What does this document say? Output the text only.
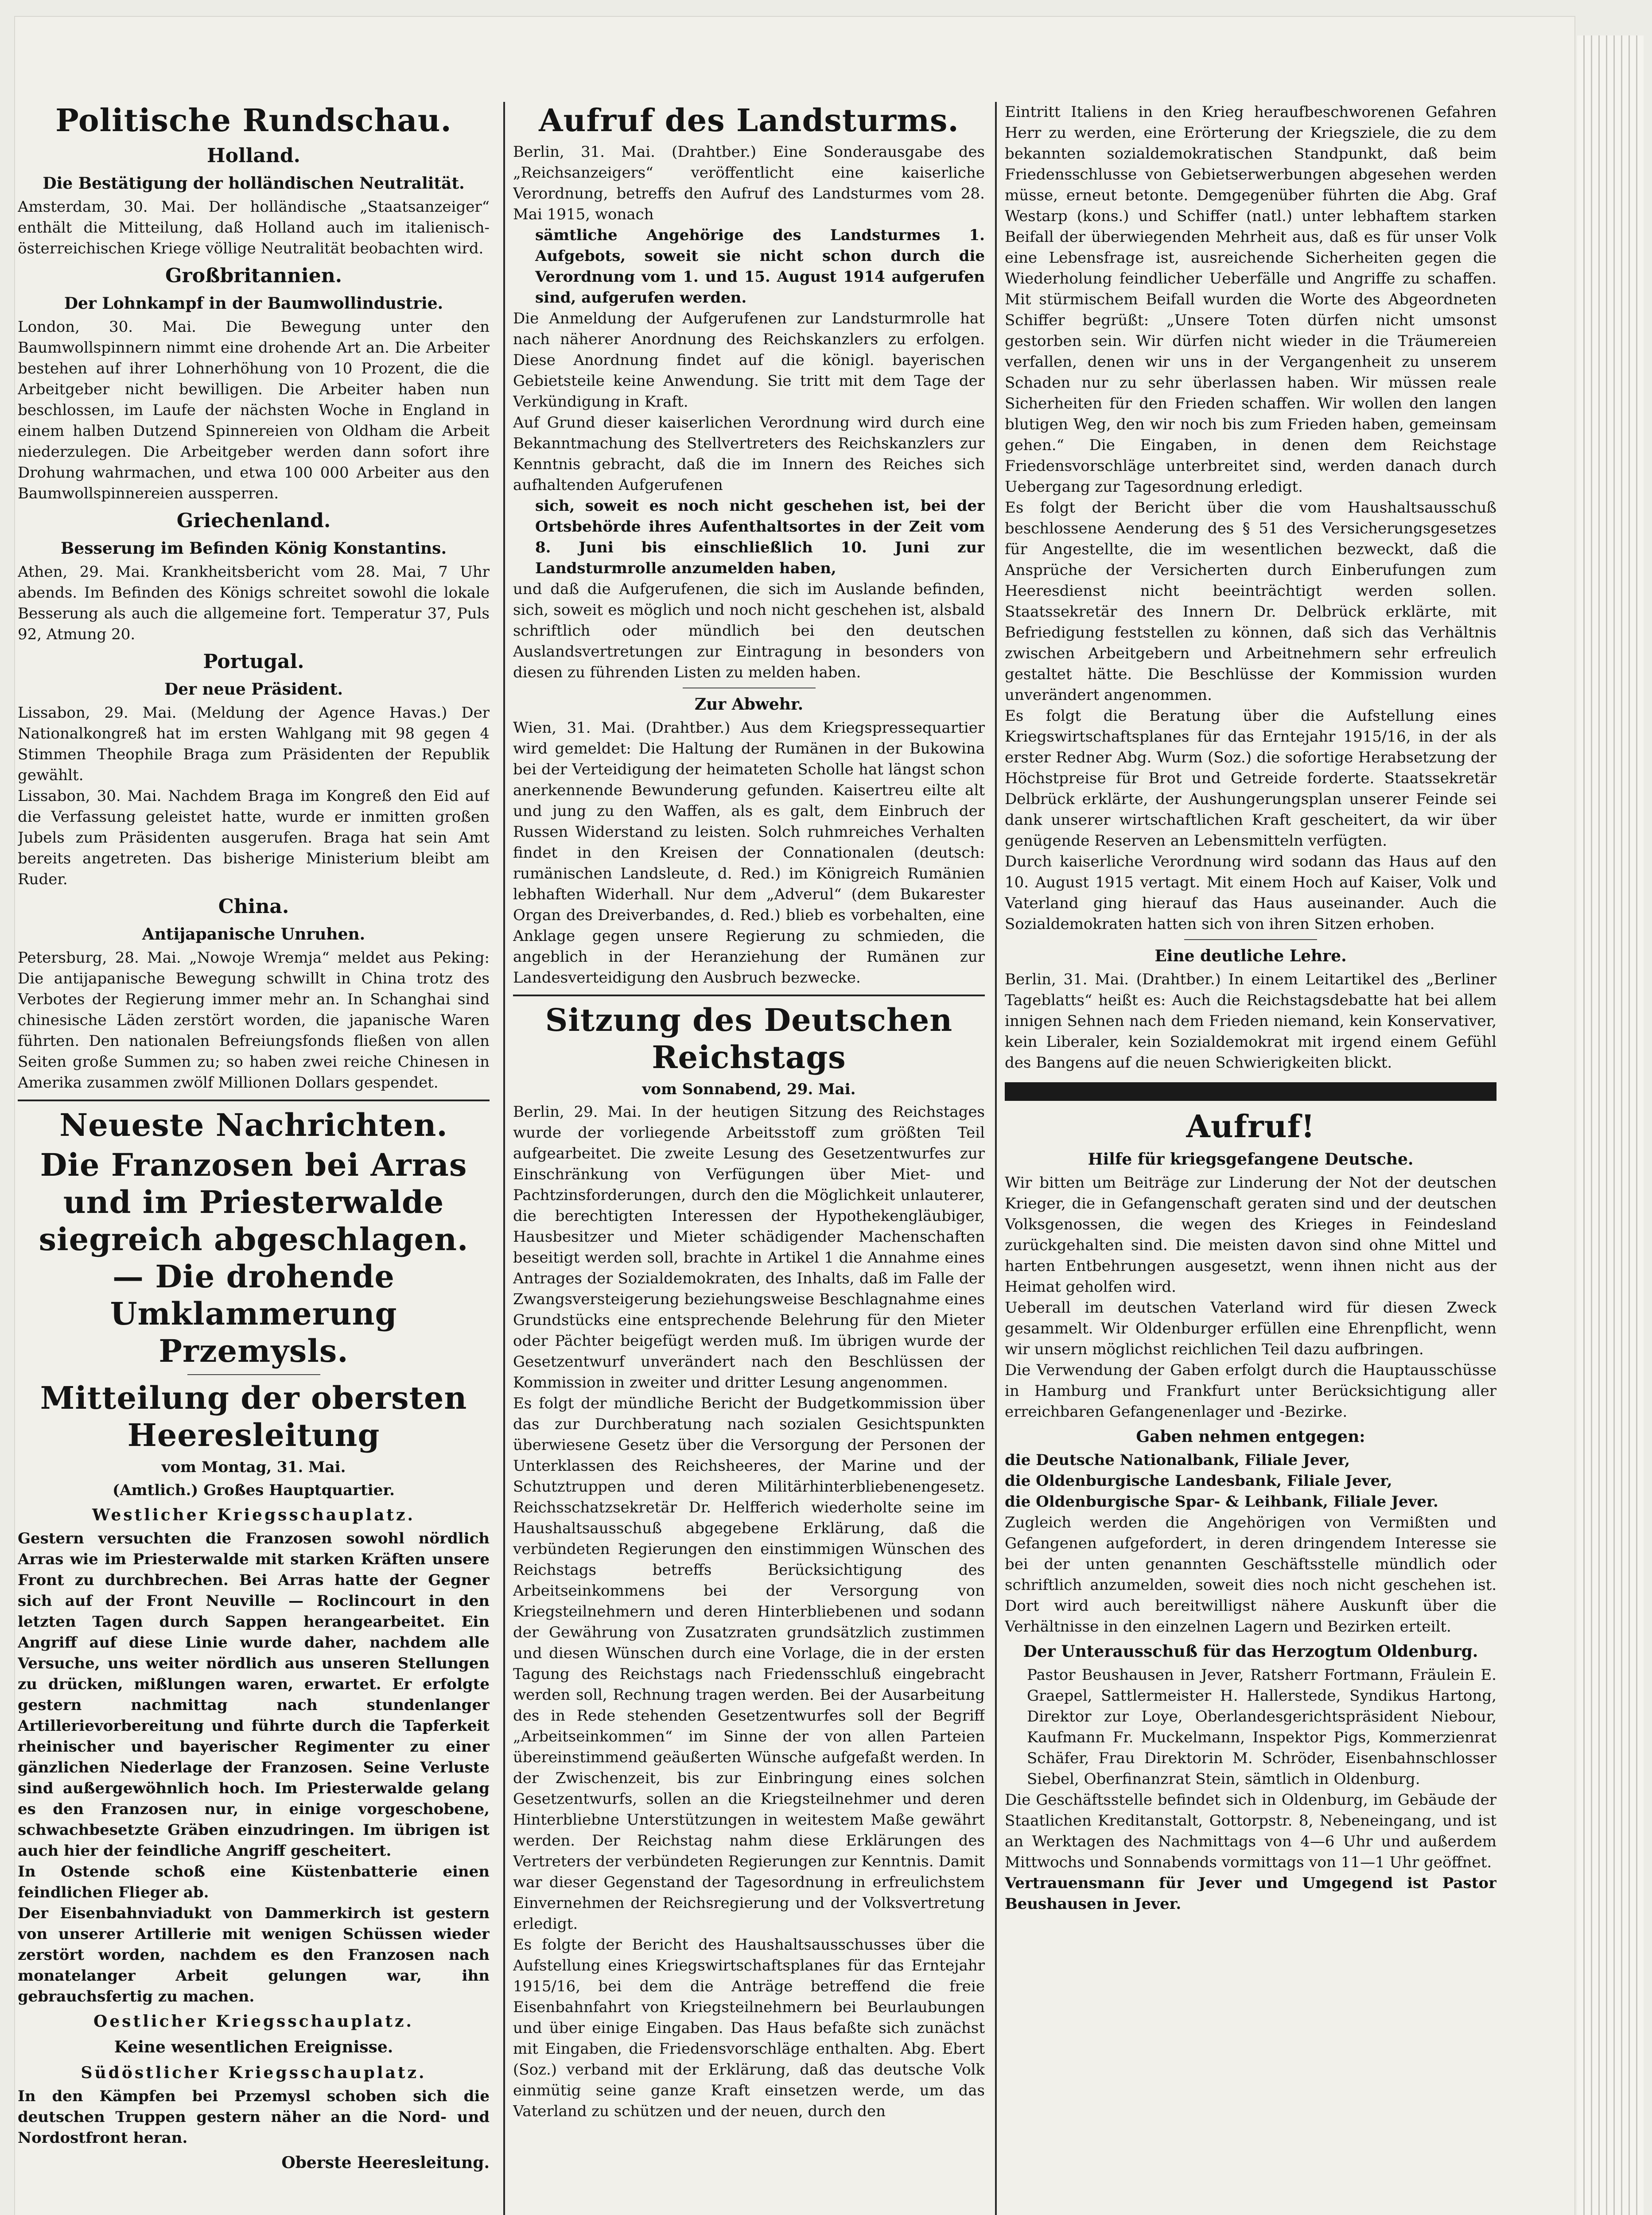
Politische Rundschau.
Holland.
Die Bestätigung der holländischen Neutralität.

Amsterdam, 30. Mai. Der holländische „Staatsanzeiger“ enthält die Mitteilung, daß Holland auch im italienisch-österreichischen Kriege völlige Neutralität beobachten wird.

Großbritannien.
Der Lohnkampf in der Baumwollindustrie.

London, 30. Mai. Die Bewegung unter den Baumwollspinnern nimmt eine drohende Art an. Die Arbeiter bestehen auf ihrer Lohnerhöhung von 10 Prozent, die die Arbeitgeber nicht bewilligen. Die Arbeiter haben nun beschlossen, im Laufe der nächsten Woche in England in einem halben Dutzend Spinnereien von Oldham die Arbeit niederzulegen. Die Arbeitgeber werden dann sofort ihre Drohung wahrmachen, und etwa 100 000 Arbeiter aus den Baumwollspinnereien aussperren.

Griechenland.
Besserung im Befinden König Konstantins.

Athen, 29. Mai. Krankheitsbericht vom 28. Mai, 7 Uhr abends. Im Befinden des Königs schreitet sowohl die lokale Besserung als auch die allgemeine fort. Temperatur 37, Puls 92, Atmung 20.

Portugal.
Der neue Präsident.

Lissabon, 29. Mai. (Meldung der Agence Havas.) Der Nationalkongreß hat im ersten Wahlgang mit 98 gegen 4 Stimmen Theophile Braga zum Präsidenten der Republik gewählt.

Lissabon, 30. Mai. Nachdem Braga im Kongreß den Eid auf die Verfassung geleistet hatte, wurde er inmitten großen Jubels zum Präsidenten ausgerufen. Braga hat sein Amt bereits angetreten. Das bisherige Ministerium bleibt am Ruder.

China.
Antijapanische Unruhen.

Petersburg, 28. Mai. „Nowoje Wremja“ meldet aus Peking: Die antijapanische Bewegung schwillt in China trotz des Verbotes der Regierung immer mehr an. In Schanghai sind chinesische Läden zerstört worden, die japanische Waren führten. Den nationalen Befreiungsfonds fließen von allen Seiten große Summen zu; so haben zwei reiche Chinesen in Amerika zusammen zwölf Millionen Dollars gespendet.

Neueste Nachrichten.
Die Franzosen bei Arras und im Priesterwalde siegreich abgeschlagen. — Die drohende Umklammerung Przemysls.
Mitteilung der obersten Heeresleitung
vom Montag, 31. Mai.
(Amtlich.) Großes Hauptquartier.
Westlicher Kriegsschauplatz.

Gestern versuchten die Franzosen sowohl nördlich Arras wie im Priesterwalde mit starken Kräften unsere Front zu durchbrechen. Bei Arras hatte der Gegner sich auf der Front Neuville — Roclincourt in den letzten Tagen durch Sappen herangearbeitet. Ein Angriff auf diese Linie wurde daher, nachdem alle Versuche, uns weiter nördlich aus unseren Stellungen zu drücken, mißlungen waren, erwartet. Er erfolgte gestern nachmittag nach stundenlanger Artillerievorbereitung und führte durch die Tapferkeit rheinischer und bayerischer Regimenter zu einer gänzlichen Niederlage der Franzosen. Seine Verluste sind außergewöhnlich hoch. Im Priesterwalde gelang es den Franzosen nur, in einige vorgeschobene, schwachbesetzte Gräben einzudringen. Im übrigen ist auch hier der feindliche Angriff gescheitert.

In Ostende schoß eine Küstenbatterie einen feindlichen Flieger ab.

Der Eisenbahnviadukt von Dammerkirch ist gestern von unserer Artillerie mit wenigen Schüssen wieder zerstört worden, nachdem es den Franzosen nach monatelanger Arbeit gelungen war, ihn gebrauchsfertig zu machen.

Oestlicher Kriegsschauplatz.
Keine wesentlichen Ereignisse.
Südöstlicher Kriegsschauplatz.

In den Kämpfen bei Przemysl schoben sich die deutschen Truppen gestern näher an die Nord- und Nordostfront heran.

Oberste Heeresleitung.
Aufruf des Landsturms.

Berlin, 31. Mai. (Drahtber.) Eine Sonderausgabe des „Reichsanzeigers“ veröffentlicht eine kaiserliche Verordnung, betreffs den Aufruf des Landsturmes vom 28. Mai 1915, wonach

sämtliche Angehörige des Landsturmes 1. Aufgebots, soweit sie nicht schon durch die Verordnung vom 1. und 15. August 1914 aufgerufen sind, aufgerufen werden.

Die Anmeldung der Aufgerufenen zur Landsturmrolle hat nach näherer Anordnung des Reichskanzlers zu erfolgen. Diese Anordnung findet auf die königl. bayerischen Gebietsteile keine Anwendung. Sie tritt mit dem Tage der Verkündigung in Kraft.

Auf Grund dieser kaiserlichen Verordnung wird durch eine Bekanntmachung des Stellvertreters des Reichskanzlers zur Kenntnis gebracht, daß die im Innern des Reiches sich aufhaltenden Aufgerufenen

sich, soweit es noch nicht geschehen ist, bei der Ortsbehörde ihres Aufenthaltsortes in der Zeit vom 8. Juni bis einschließlich 10. Juni zur Landsturmrolle anzumelden haben,

und daß die Aufgerufenen, die sich im Auslande befinden, sich, soweit es möglich und noch nicht geschehen ist, alsbald schriftlich oder mündlich bei den deutschen Auslandsvertretungen zur Eintragung in besonders von diesen zu führenden Listen zu melden haben.

Zur Abwehr.

Wien, 31. Mai. (Drahtber.) Aus dem Kriegspressequartier wird gemeldet: Die Haltung der Rumänen in der Bukowina bei der Verteidigung der heimateten Scholle hat längst schon anerkennende Bewunderung gefunden. Kaisertreu eilte alt und jung zu den Waffen, als es galt, dem Einbruch der Russen Widerstand zu leisten. Solch ruhmreiches Verhalten findet in den Kreisen der Connationalen (deutsch: rumänischen Landsleute, d. Red.) im Königreich Rumänien lebhaften Widerhall. Nur dem „Adverul“ (dem Bukarester Organ des Dreiverbandes, d. Red.) blieb es vorbehalten, eine Anklage gegen unsere Regierung zu schmieden, die angeblich in der Heranziehung der Rumänen zur Landesverteidigung den Ausbruch bezwecke.

Sitzung des Deutschen Reichstags
vom Sonnabend, 29. Mai.

Berlin, 29. Mai. In der heutigen Sitzung des Reichstages wurde der vorliegende Arbeitsstoff zum größten Teil aufgearbeitet. Die zweite Lesung des Gesetzentwurfes zur Einschränkung von Verfügungen über Miet- und Pachtzinsforderungen, durch den die Möglichkeit unlauterer, die berechtigten Interessen der Hypothekengläubiger, Hausbesitzer und Mieter schädigender Machenschaften beseitigt werden soll, brachte in Artikel 1 die Annahme eines Antrages der Sozialdemokraten, des Inhalts, daß im Falle der Zwangsversteigerung beziehungsweise Beschlagnahme eines Grundstücks eine entsprechende Belehrung für den Mieter oder Pächter beigefügt werden muß. Im übrigen wurde der Gesetzentwurf unverändert nach den Beschlüssen der Kommission in zweiter und dritter Lesung angenommen.

Es folgt der mündliche Bericht der Budgetkommission über das zur Durchberatung nach sozialen Gesichtspunkten überwiesene Gesetz über die Versorgung der Personen der Unterklassen des Reichsheeres, der Marine und der Schutztruppen und deren Militärhinterbliebenengesetz. Reichsschatzsekretär Dr. Helfferich wiederholte seine im Haushaltsausschuß abgegebene Erklärung, daß die verbündeten Regierungen den einstimmigen Wünschen des Reichstags betreffs Berücksichtigung des Arbeitseinkommens bei der Versorgung von Kriegsteilnehmern und deren Hinterbliebenen und sodann der Gewährung von Zusatzraten grundsätzlich zustimmen und diesen Wünschen durch eine Vorlage, die in der ersten Tagung des Reichstags nach Friedensschluß eingebracht werden soll, Rechnung tragen werden. Bei der Ausarbeitung des in Rede stehenden Gesetzentwurfes soll der Begriff „Arbeitseinkommen“ im Sinne der von allen Parteien übereinstimmend geäußerten Wünsche aufgefaßt werden. In der Zwischenzeit, bis zur Einbringung eines solchen Gesetzentwurfs, sollen an die Kriegsteilnehmer und deren Hinterbliebne Unterstützungen in weitestem Maße gewährt werden. Der Reichstag nahm diese Erklärungen des Vertreters der verbündeten Regierungen zur Kenntnis. Damit war dieser Gegenstand der Tagesordnung in erfreulichstem Einvernehmen der Reichsregierung und der Volksvertretung erledigt.

Es folgte der Bericht des Haushaltsausschusses über die Aufstellung eines Kriegswirtschaftsplanes für das Erntejahr 1915/16, bei dem die Anträge betreffend die freie Eisenbahnfahrt von Kriegsteilnehmern bei Beurlaubungen und über einige Eingaben. Das Haus befaßte sich zunächst mit Eingaben, die Friedensvorschläge enthalten. Abg. Ebert (Soz.) verband mit der Erklärung, daß das deutsche Volk einmütig seine ganze Kraft einsetzen werde, um das Vaterland zu schützen und der neuen, durch den

Eintritt Italiens in den Krieg heraufbeschworenen Gefahren Herr zu werden, eine Erörterung der Kriegsziele, die zu dem bekannten sozialdemokratischen Standpunkt, daß beim Friedensschlusse von Gebietserwerbungen abgesehen werden müsse, erneut betonte. Demgegenüber führten die Abg. Graf Westarp (kons.) und Schiffer (natl.) unter lebhaftem starken Beifall der überwiegenden Mehrheit aus, daß es für unser Volk eine Lebensfrage ist, ausreichende Sicherheiten gegen die Wiederholung feindlicher Ueberfälle und Angriffe zu schaffen. Mit stürmischem Beifall wurden die Worte des Abgeordneten Schiffer begrüßt: „Unsere Toten dürfen nicht umsonst gestorben sein. Wir dürfen nicht wieder in die Träumereien verfallen, denen wir uns in der Vergangenheit zu unserem Schaden nur zu sehr überlassen haben. Wir müssen reale Sicherheiten für den Frieden schaffen. Wir wollen den langen blutigen Weg, den wir noch bis zum Frieden haben, gemeinsam gehen.“ Die Eingaben, in denen dem Reichstage Friedensvorschläge unterbreitet sind, werden danach durch Uebergang zur Tagesordnung erledigt.

Es folgt der Bericht über die vom Haushaltsausschuß beschlossene Aenderung des § 51 des Versicherungsgesetzes für Angestellte, die im wesentlichen bezweckt, daß die Ansprüche der Versicherten durch Einberufungen zum Heeresdienst nicht beeinträchtigt werden sollen. Staatssekretär des Innern Dr. Delbrück erklärte, mit Befriedigung feststellen zu können, daß sich das Verhältnis zwischen Arbeitgebern und Arbeitnehmern sehr erfreulich gestaltet hätte. Die Beschlüsse der Kommission wurden unverändert angenommen.

Es folgt die Beratung über die Aufstellung eines Kriegswirtschaftsplanes für das Erntejahr 1915/16, in der als erster Redner Abg. Wurm (Soz.) die sofortige Herabsetzung der Höchstpreise für Brot und Getreide forderte. Staatssekretär Delbrück erklärte, der Aushungerungsplan unserer Feinde sei dank unserer wirtschaftlichen Kraft gescheitert, da wir über genügende Reserven an Lebensmitteln verfügten.

Durch kaiserliche Verordnung wird sodann das Haus auf den 10. August 1915 vertagt. Mit einem Hoch auf Kaiser, Volk und Vaterland ging hierauf das Haus auseinander. Auch die Sozialdemokraten hatten sich von ihren Sitzen erhoben.

Eine deutliche Lehre.

Berlin, 31. Mai. (Drahtber.) In einem Leitartikel des „Berliner Tageblatts“ heißt es: Auch die Reichstagsdebatte hat bei allem innigen Sehnen nach dem Frieden niemand, kein Konservativer, kein Liberaler, kein Sozialdemokrat mit irgend einem Gefühl des Bangens auf die neuen Schwierigkeiten blickt.

Aufruf!
Hilfe für kriegsgefangene Deutsche.

Wir bitten um Beiträge zur Linderung der Not der deutschen Krieger, die in Gefangenschaft geraten sind und der deutschen Volksgenossen, die wegen des Krieges in Feindesland zurückgehalten sind. Die meisten davon sind ohne Mittel und harten Entbehrungen ausgesetzt, wenn ihnen nicht aus der Heimat geholfen wird.

Ueberall im deutschen Vaterland wird für diesen Zweck gesammelt. Wir Oldenburger erfüllen eine Ehrenpflicht, wenn wir unsern möglichst reichlichen Teil dazu aufbringen.

Die Verwendung der Gaben erfolgt durch die Hauptausschüsse in Hamburg und Frankfurt unter Berücksichtigung aller erreichbaren Gefangenenlager und -Bezirke.

Gaben nehmen entgegen:

die Deutsche Nationalbank, Filiale Jever,

die Oldenburgische Landesbank, Filiale Jever,

die Oldenburgische Spar- & Leihbank, Filiale Jever.

Zugleich werden die Angehörigen von Vermißten und Gefangenen aufgefordert, in deren dringendem Interesse sie bei der unten genannten Geschäftsstelle mündlich oder schriftlich anzumelden, soweit dies noch nicht geschehen ist. Dort wird auch bereitwilligst nähere Auskunft über die Verhältnisse in den einzelnen Lagern und Bezirken erteilt.

Der Unterausschuß für das Herzogtum Oldenburg.

Pastor Beushausen in Jever, Ratsherr Fortmann, Fräulein E. Graepel, Sattlermeister H. Hallerstede, Syndikus Hartong, Direktor zur Loye, Oberlandesgerichtspräsident Niebour, Kaufmann Fr. Muckelmann, Inspektor Pigs, Kommerzienrat Schäfer, Frau Direktorin M. Schröder, Eisenbahnschlosser Siebel, Oberfinanzrat Stein, sämtlich in Oldenburg.

Die Geschäftsstelle befindet sich in Oldenburg, im Gebäude der Staatlichen Kreditanstalt, Gottorpstr. 8, Nebeneingang, und ist an Werktagen des Nachmittags von 4—6 Uhr und außerdem Mittwochs und Sonnabends vormittags von 11—1 Uhr geöffnet.

Vertrauensmann für Jever und Umgegend ist Pastor Beushausen in Jever.
